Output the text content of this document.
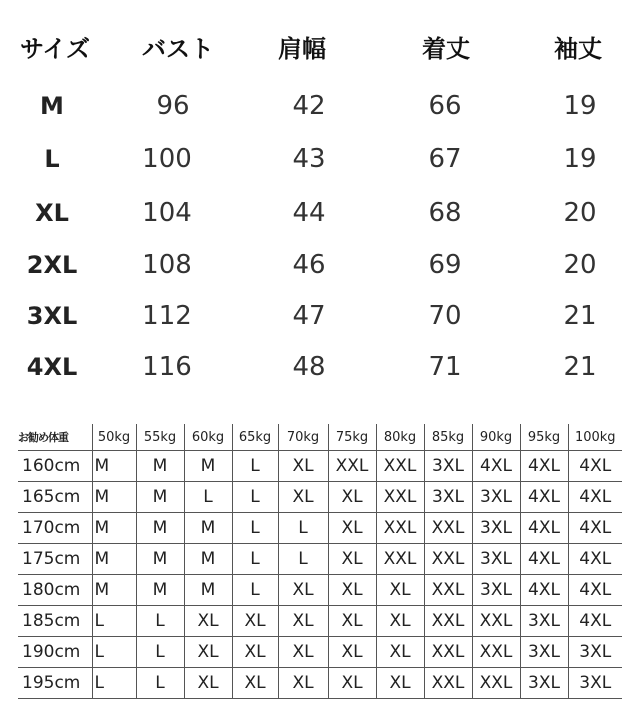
サイズ バスト	肩幅	着丈	袖丈
M	96	42	66	19
L	100	43	67	19
XL	104	44	68	20
2XL 108	46	69	20
3XL 112	47	70	21
4XL 116	48	71	21
お勧め体重	50kg	55kg	60kg	65kg	70kg	75kg	80kg	85kg	90kg	95kg	100kg
160cm	M	M	M	L	XL	XXL	XXL	3XL	4XL	4XL	4XL
165cm	M	M	L	L	XL	XL	XXL	3XL	3XL	4XL	4XL
170cm	M	M	M	L	L	XL	XXL	XXL	3XL	4XL	4XL
175cm	M	M	M	L	L	XL	XXL	XXL	3XL	4XL	4XL
180cm	M	M	M	L	XL	XL	XL	XXL	3XL	4XL	4XL
185cm	L	L	XL	XL	XL	XL	XL	XXL	XXL	3XL	4XL
190cm	L	L	XL	XL	XL	XL	XL	XXL	XXL	3XL	3XL
195cm	L	L	XL	XL	XL	XL	XL	XXL	XXL	3XL	3XL
